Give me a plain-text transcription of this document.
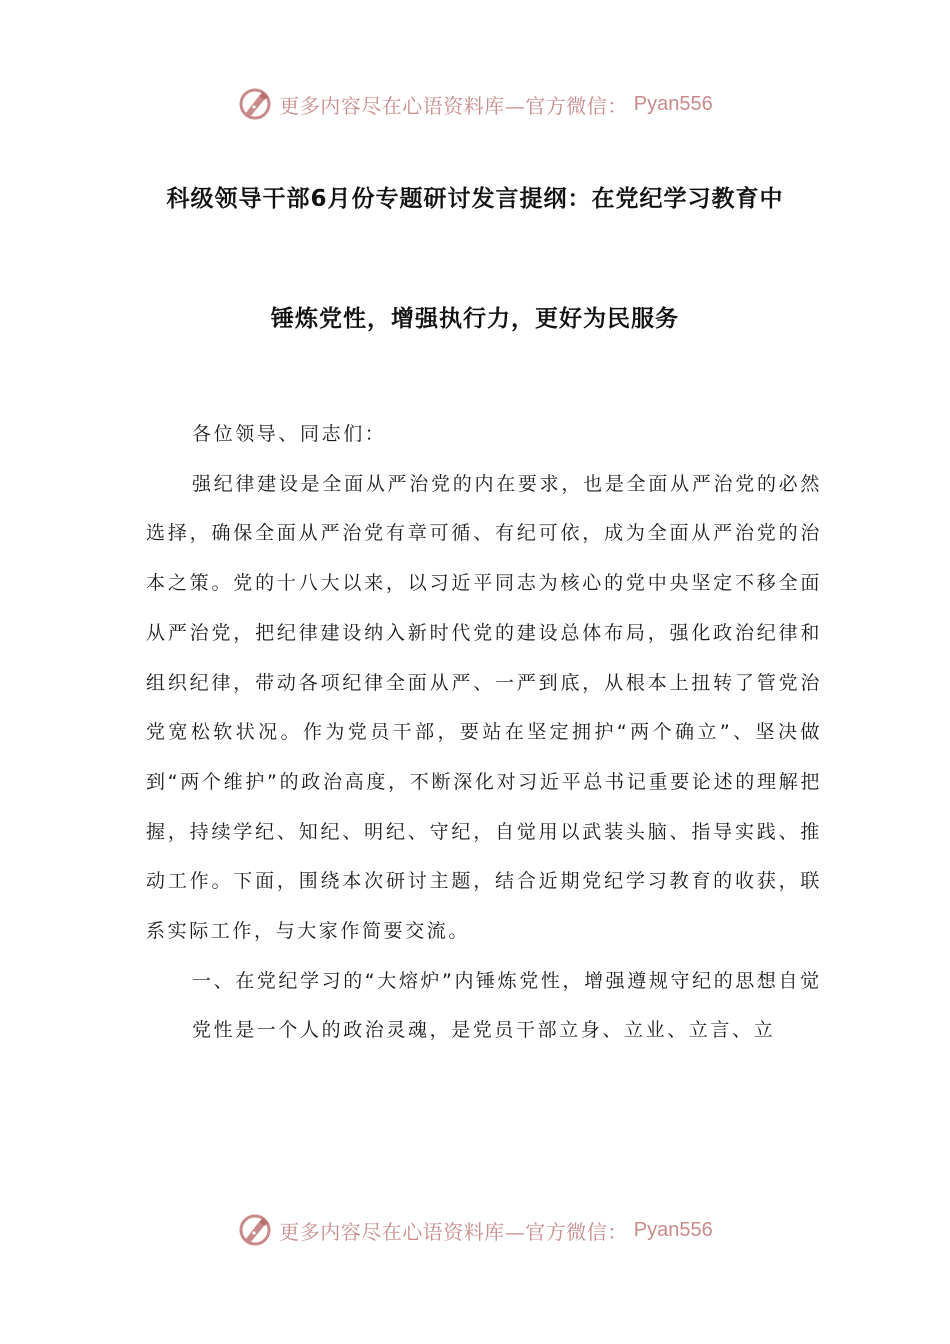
更多内容尽在心语资料库—官方微信： Pyan556
科级领导干部6月份专题研讨发言提纲：在党纪学习教育中
锤炼党性，增强执行力，更好为民服务

各位领导、同志们：

强纪律建设是全面从严治党的内在要求，也是全面从严治党的必然选择，确保全面从严治党有章可循、有纪可依，成为全面从严治党的治本之策。党的十八大以来，以习近平同志为核心的党中央坚定不移全面从严治党，把纪律建设纳入新时代党的建设总体布局，强化政治纪律和组织纪律，带动各项纪律全面从严、一严到底，从根本上扭转了管党治党宽松软状况。作为党员干部，要站在坚定拥护“两个确立”、坚决做到“两个维护”的政治高度，不断深化对习近平总书记重要论述的理解把握，持续学纪、知纪、明纪、守纪，自觉用以武装头脑、指导实践、推动工作。下面，围绕本次研讨主题，结合近期党纪学习教育的收获，联系实际工作，与大家作简要交流。

一、在党纪学习的“大熔炉”内锤炼党性，增强遵规守纪的思想自觉

党性是一个人的政治灵魂，是党员干部立身、立业、立言、立

更多内容尽在心语资料库—官方微信： Pyan556
